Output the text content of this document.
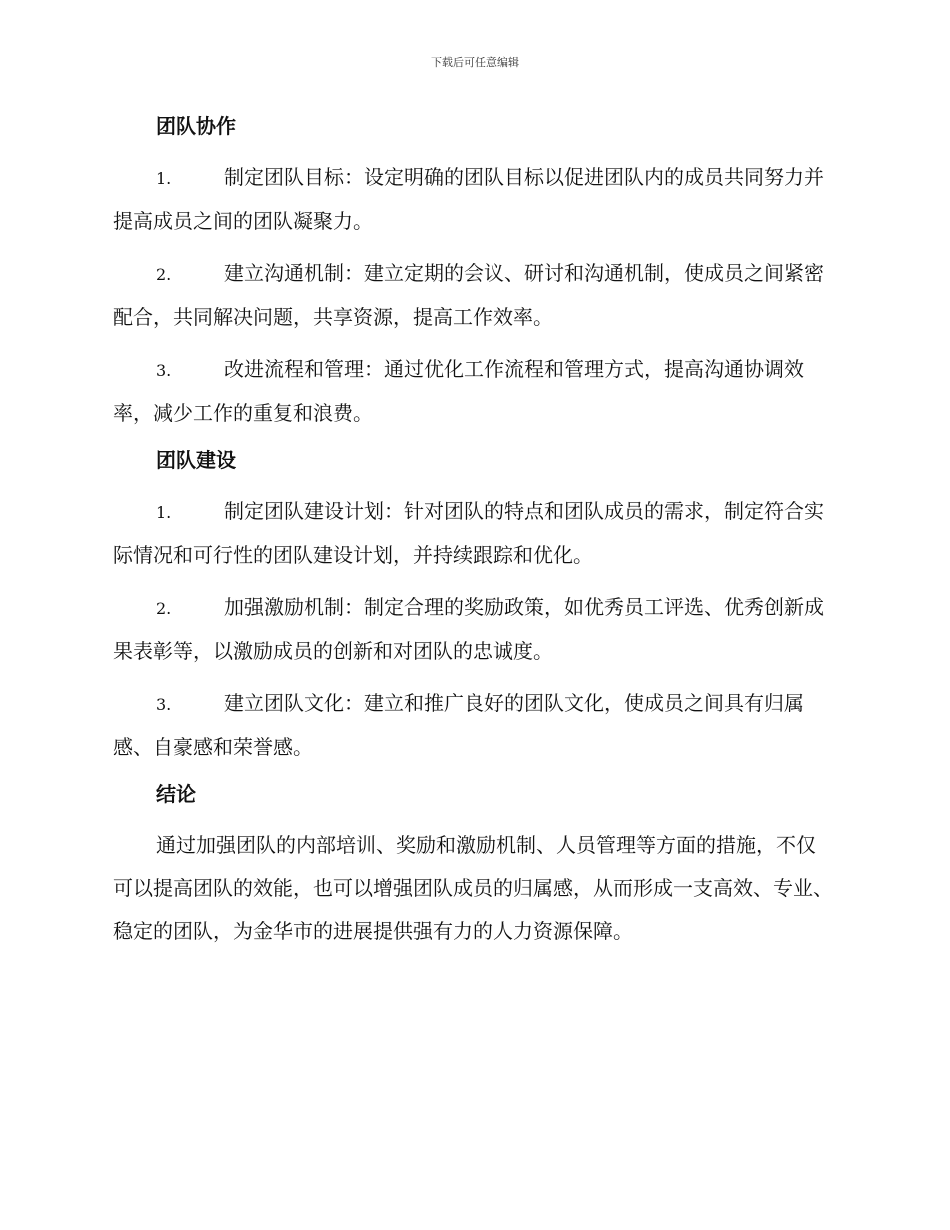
下载后可任意编辑
团队协作

1.	制定团队目标：设定明确的团队目标以促进团队内的成员共同努力并提高成员之间的团队凝聚力。

2.	建立沟通机制：建立定期的会议、研讨和沟通机制，使成员之间紧密配合，共同解决问题，共享资源，提高工作效率。

3.	改进流程和管理：通过优化工作流程和管理方式，提高沟通协调效率，减少工作的重复和浪费。

团队建设

1.	制定团队建设计划：针对团队的特点和团队成员的需求，制定符合实际情况和可行性的团队建设计划，并持续跟踪和优化。

2.	加强激励机制：制定合理的奖励政策，如优秀员工评选、优秀创新成果表彰等，以激励成员的创新和对团队的忠诚度。

3.	建立团队文化：建立和推广良好的团队文化，使成员之间具有归属感、自豪感和荣誉感。

结论

通过加强团队的内部培训、奖励和激励机制、人员管理等方面的措施，不仅可以提高团队的效能，也可以增强团队成员的归属感，从而形成一支高效、专业、稳定的团队，为金华市的进展提供强有力的人力资源保障。
